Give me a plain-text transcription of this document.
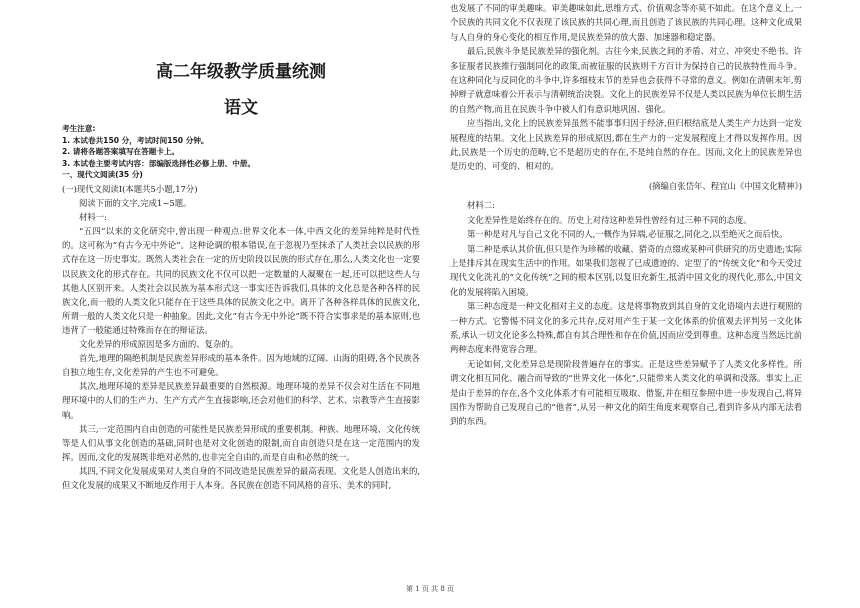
高二年级教学质量统测
语文

考生注意:

1. 本试卷共150 分，考试时间150 分钟。

2. 请将各题答案填写在答题卡上。

3. 本试卷主要考试内容：部编版选择性必修上册、中册。

一、现代文阅读(35 分)

(一)现代文阅读Ⅰ(本题共5小题,17分)

阅读下面的文字,完成1~5题。

材料一:

“五四”以来的文化研究中,曾出现一种观点:世界文化本一体,中西文化的差异纯粹是时代性的。这可称为“有古今无中外论”。这种论调的根本错误,在于忽视乃至抹杀了人类社会以民族的形式存在这一历史事实。既然人类社会在一定的历史阶段以民族的形式存在,那么,人类文化也一定要以民族文化的形式存在。共同的民族文化不仅可以把一定数量的人凝聚在一起,还可以把这些人与其他人区别开来。人类社会以民族为基本形式这一事实还告诉我们,具体的文化总是各种各样的民族文化,而一般的人类文化只能存在于这些具体的民族文化之中。离开了各种各样具体的民族文化,所谓一般的人类文化只是一种抽象。因此,文化“有古今无中外论”既不符合实事求是的基本原则,也违背了一般能通过特殊而存在的辩证法。

文化差异的形成原因是多方面的、复杂的。

首先,地理的隔绝机制是民族差异形成的基本条件。因为地域的辽阔、山海的阻碍,各个民族各自独立地生存,文化差异的产生也不可避免。

其次,地理环境的差异是民族差异最重要的自然根源。地理环境的差异不仅会对生活在不同地理环境中的人们的生产力、生产方式产生直接影响,还会对他们的科学、艺术、宗教等产生直接影响。

其三,一定范围内自由创造的可能性是民族差异形成的重要机制。种族、地理环境、文化传统等是人们从事文化创造的基础,同时也是对文化创造的限制,而自由创造只是在这一定范围内的发挥。因而,文化的发展既非绝对必然的,也非完全自由的,而是自由和必然的统一。

其四,不同文化发展成果对人类自身的不同改造是民族差异的最高表现。文化是人创造出来的,但文化发展的成果又不断地反作用于人本身。各民族在创造不同风格的音乐、美术的同时,

也发展了不同的审美趣味。审美趣味如此,思维方式、价值观念等亦莫不如此。在这个意义上,一个民族的共同文化不仅表现了该民族的共同心理,而且创造了该民族的共同心理。这种文化成果与人自身的身心变化的相互作用,是民族差异的放大器、加速器和稳定器。

最后,民族斗争是民族差异的强化剂。古往今来,民族之间的矛盾、对立、冲突史不绝书。许多征服者民族推行强制同化的政策,而被征服的民族则千方百计为保持自己的民族特性而斗争。在这种同化与反同化的斗争中,许多细枝末节的差异也会获得不寻常的意义。例如在清朝末年,剪掉辫子就意味着公开表示与清朝统治决裂。文化上的民族差异不仅是人类以民族为单位长期生活的自然产物,而且在民族斗争中被人们有意识地巩固、强化。

应当指出,文化上的民族差异虽然不能事事归因于经济,但归根结底是人类生产力达到一定发展程度的结果。文化上民族差异的形成原因,都在生产力的一定发展程度上才得以发挥作用。因此,民族是一个历史的范畴,它不是超历史的存在,不是纯自然的存在。因而,文化上的民族差异也是历史的、可变的、相对的。

(摘编自张岱年、程宜山《中国文化精神》)

材料二:

文化差异性是始终存在的。历史上对待这种差异性曾经有过三种不同的态度。

第一种是对凡与自己文化不同的人,一概作为异端,必征服之,同化之,以至绝灭之而后快。

第二种是承认其价值,但只是作为珍稀的收藏、猎奇的点缀或某种可供研究的历史遗迹;实际上是排斥其在现实生活中的作用。如果我们忽视了已成遗迹的、定型了的“传统文化”和今天受过现代文化洗礼的“文化传统”之间的根本区别,以复旧充新生,抵消中国文化的现代化,那么,中国文化的发展将陷入困境。

第三种态度是一种文化相对主义的态度。这是将事物放到其自身的文化语境内去进行观照的一种方式。它警惕不同文化的多元共存,反对用产生于某一文化体系的价值观去评判另一文化体系,承认一切文化论多么特殊,都自有其合理性和存在价值,因而应受到尊重。这种态度当然远比前两种态度来得宽容合理。

无论如何,文化差异总是现阶段普遍存在的事实。正是这些差异赋予了人类文化多样性。所谓文化相互同化、融合而导致的“世界文化一体化”,只能带来人类文化的单调和没落。事实上,正是由于差异的存在,各个文化体系才有可能相互吸取、借鉴,并在相互参照中进一步发现自己,将异国作为帮助自己发现自己的“他者”,从另一种文化的陌生角度来观察自己,看到许多从内部无法看到的东西。

第 1 页 共 8 页
